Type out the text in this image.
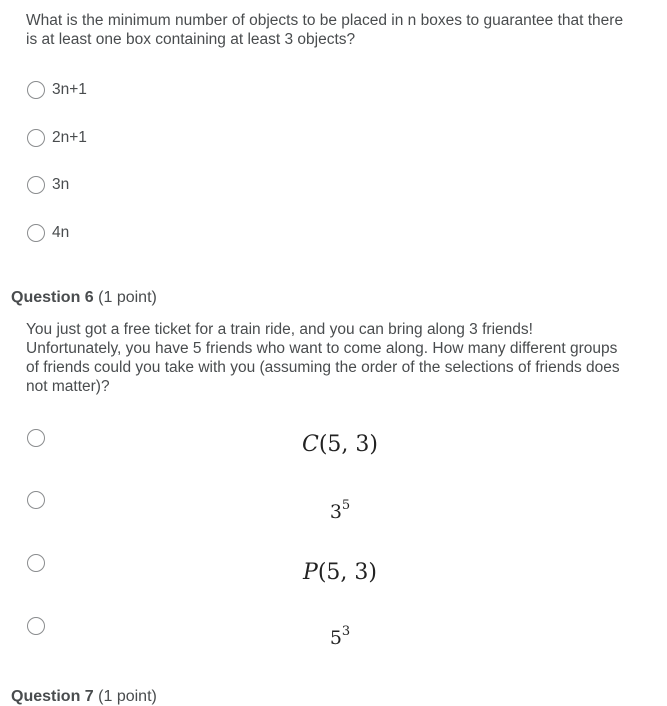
What is the minimum number of objects to be placed in n boxes to guarantee that there is at least one box containing at least 3 objects?
3n+1
2n+1
3n
4n
Question 6 (1 point)
You just got a free ticket for a train ride, and you can bring along 3 friends! Unfortunately, you have 5 friends who want to come along. How many different groups of friends could you take with you (assuming the order of the selections of friends does not matter)?
C(5, 3)
$3^5$
P(5, 3)
$5^3$
Question 7 (1 point)
